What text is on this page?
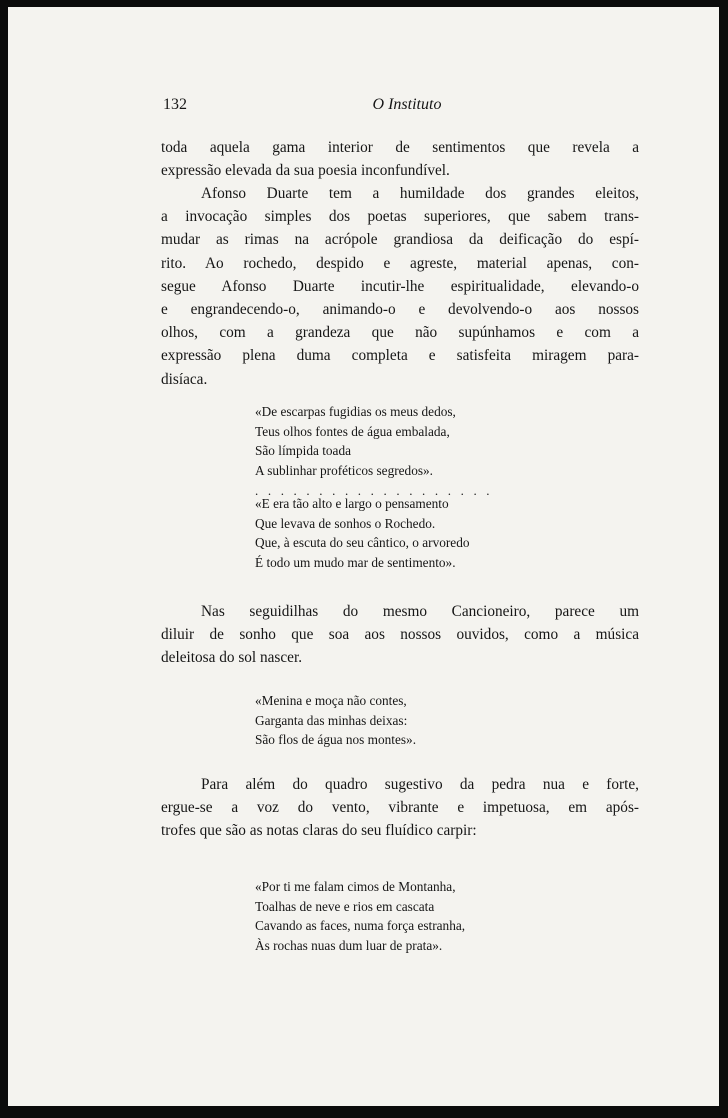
132	O Instituto
toda aquela gama interior de sentimentos que revela a
expressão elevada da sua poesia inconfundível.
Afonso Duarte tem a humildade dos grandes eleitos,
a invocação simples dos poetas superiores, que sabem trans-
mudar as rimas na acrópole grandiosa da deificação do espí-
rito. Ao rochedo, despido e agreste, material apenas, con-
segue Afonso Duarte incutir-lhe espiritualidade, elevando-o
e engrandecendo-o, animando-o e devolvendo-o aos nossos
olhos, com a grandeza que não supúnhamos e com a
expressão plena duma completa e satisfeita miragem para-
disíaca.
«De escarpas fugidias os meus dedos,
Teus olhos fontes de água embalada,
São límpida toada
A sublinhar proféticos segredos».
...................
«E era tão alto e largo o pensamento
Que levava de sonhos o Rochedo.
Que, à escuta do seu cântico, o arvoredo
É todo um mudo mar de sentimento».
Nas seguidilhas do mesmo Cancioneiro, parece um
diluir de sonho que soa aos nossos ouvidos, como a música
deleitosa do sol nascer.
«Menina e moça não contes,
Garganta das minhas deixas:
São flos de água nos montes».
Para além do quadro sugestivo da pedra nua e forte,
ergue-se a voz do vento, vibrante e impetuosa, em após-
trofes que são as notas claras do seu fluídico carpir:
«Por ti me falam cimos de Montanha,
Toalhas de neve e rios em cascata
Cavando as faces, numa força estranha,
Às rochas nuas dum luar de prata».
